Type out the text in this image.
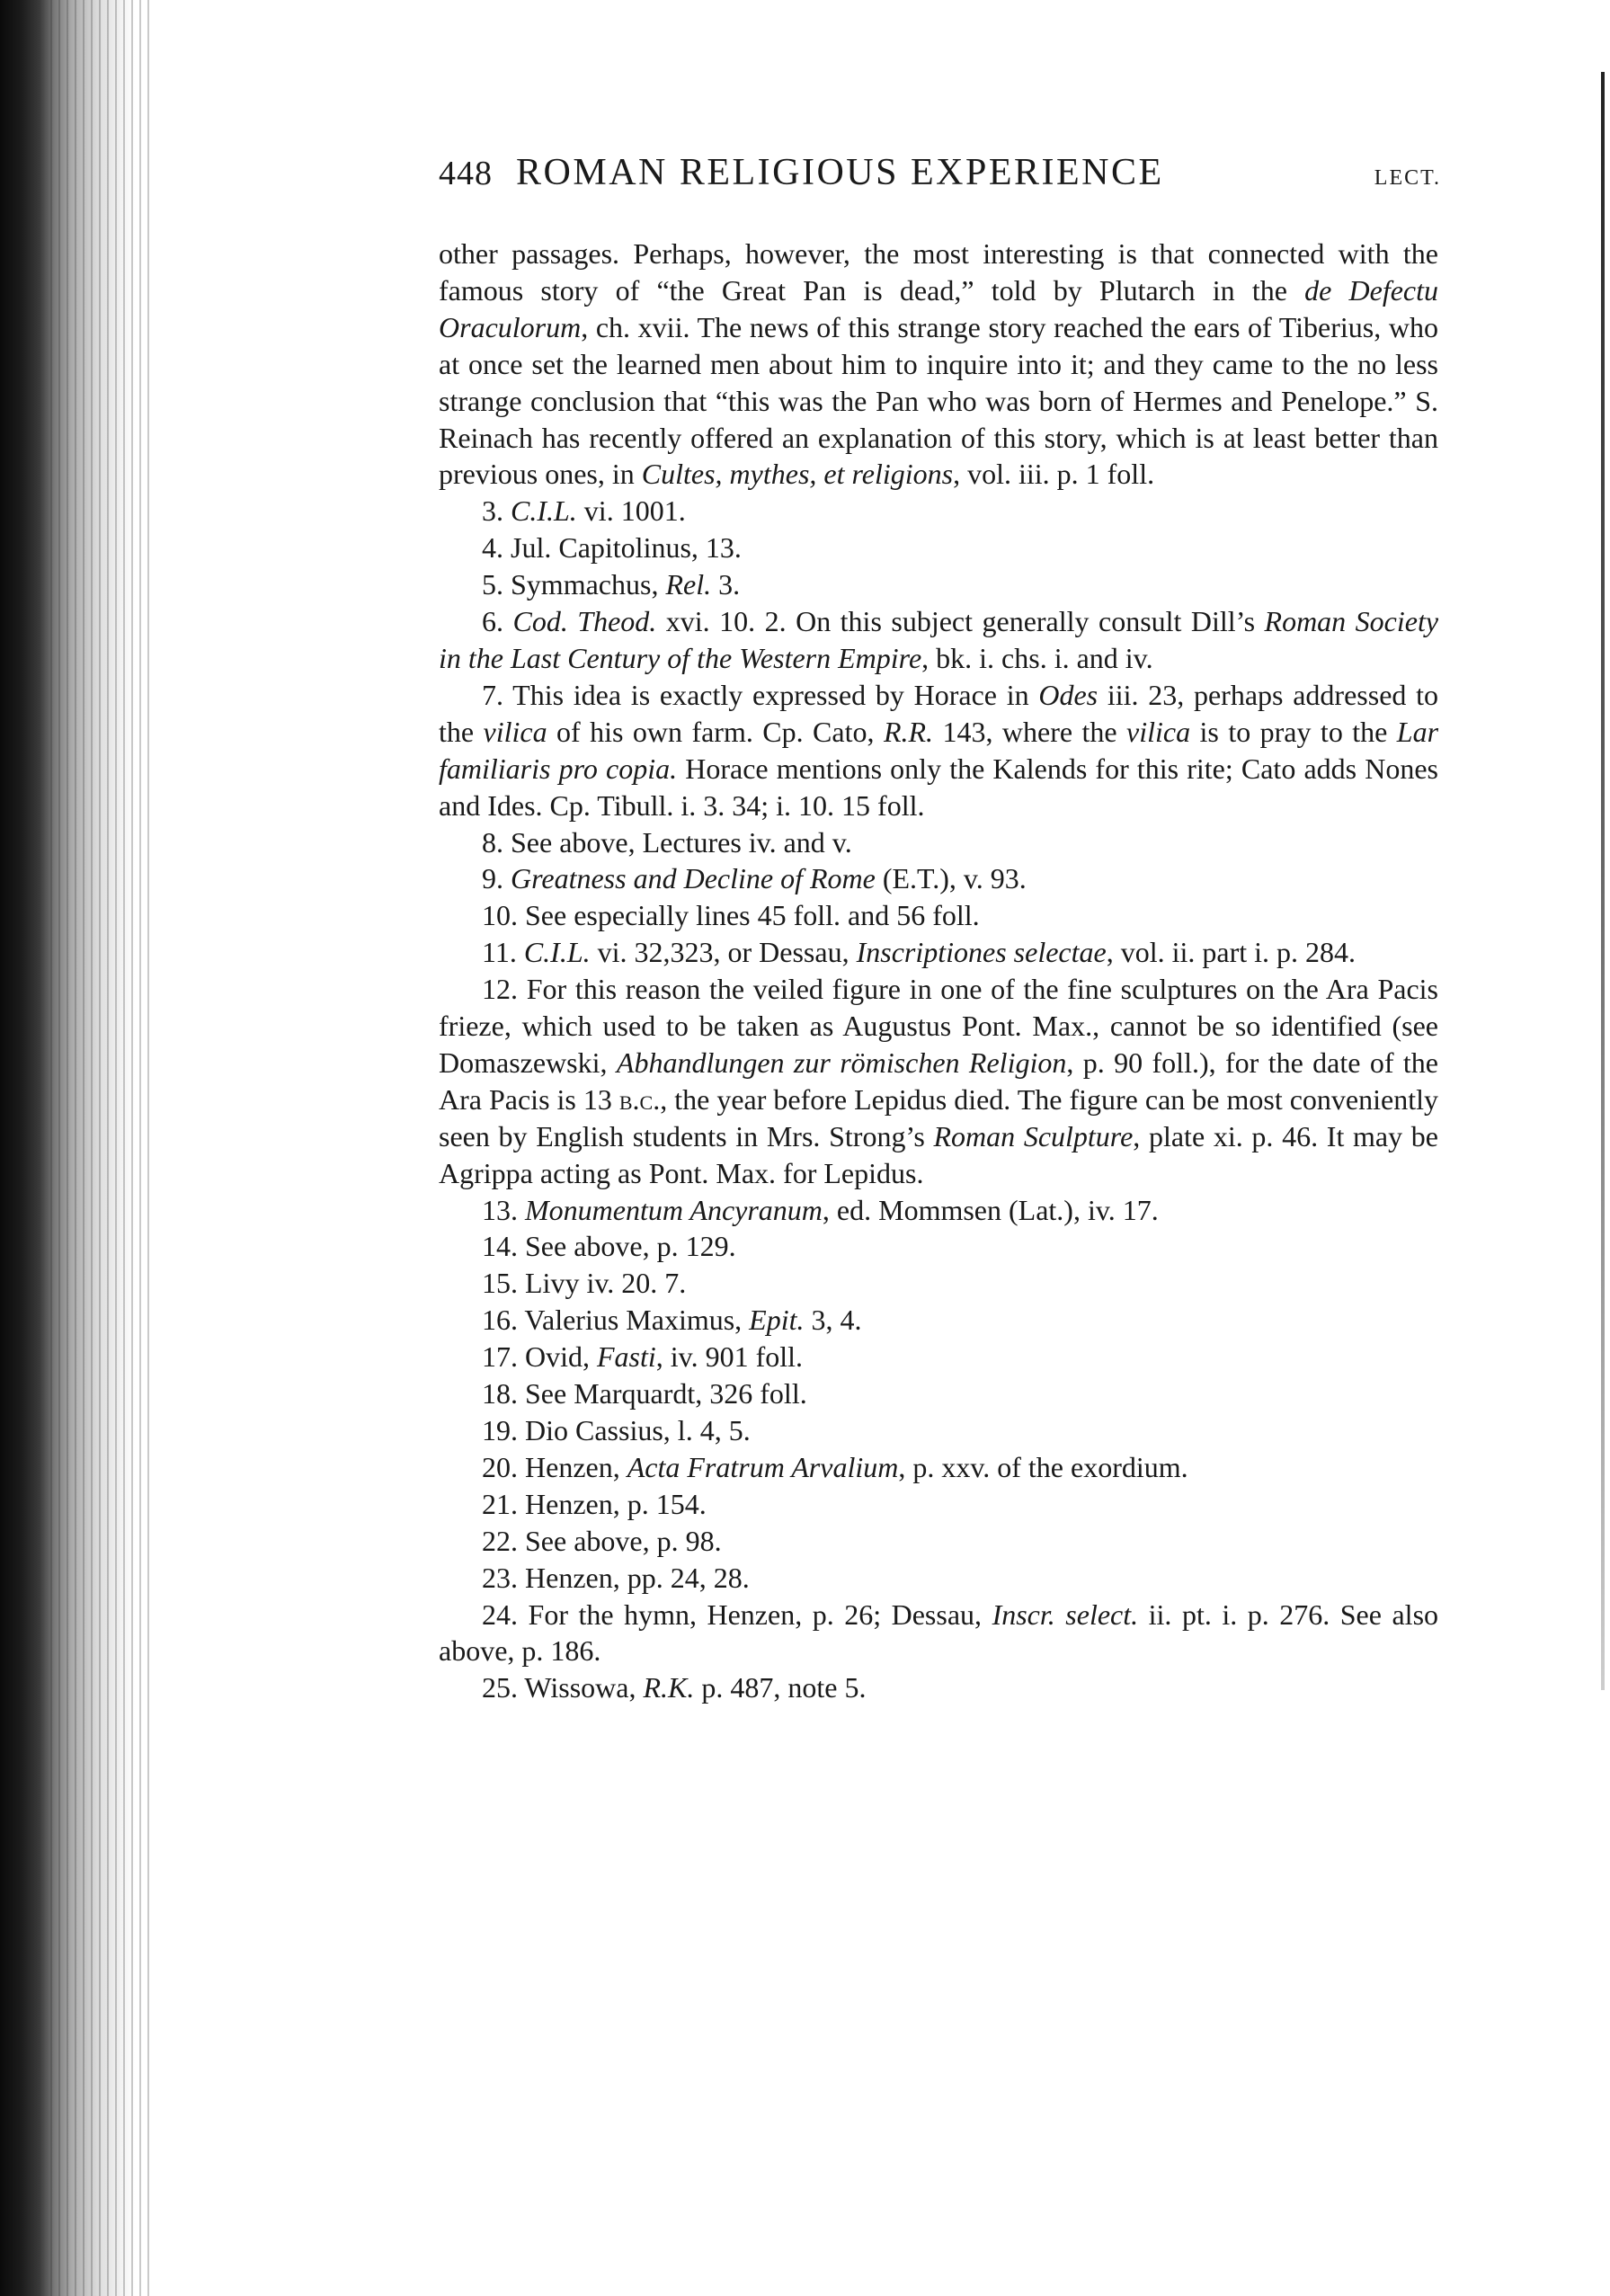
448 ROMAN RELIGIOUS EXPERIENCE	LECT.

other passages. Perhaps, however, the most interesting is that connected with the famous story of “the Great Pan is dead,” told by Plutarch in the de Defectu Oraculorum, ch. xvii. The news of this strange story reached the ears of Tiberius, who at once set the learned men about him to inquire into it; and they came to the no less strange conclusion that “this was the Pan who was born of Hermes and Penelope.” S. Reinach has recently offered an explanation of this story, which is at least better than previous ones, in Cultes, mythes, et religions, vol. iii. p. 1 foll.

3. C.I.L. vi. 1001.

4. Jul. Capitolinus, 13.

5. Symmachus, Rel. 3.

6. Cod. Theod. xvi. 10. 2. On this subject generally consult Dill’s Roman Society in the Last Century of the Western Empire, bk. i. chs. i. and iv.

7. This idea is exactly expressed by Horace in Odes iii. 23, perhaps addressed to the vilica of his own farm. Cp. Cato, R.R. 143, where the vilica is to pray to the Lar familiaris pro copia. Horace mentions only the Kalends for this rite; Cato adds Nones and Ides. Cp. Tibull. i. 3. 34; i. 10. 15 foll.

8. See above, Lectures iv. and v.

9. Greatness and Decline of Rome (E.T.), v. 93.

10. See especially lines 45 foll. and 56 foll.

11. C.I.L. vi. 32,323, or Dessau, Inscriptiones selectae, vol. ii. part i. p. 284.

12. For this reason the veiled figure in one of the fine sculptures on the Ara Pacis frieze, which used to be taken as Augustus Pont. Max., cannot be so identified (see Domaszewski, Abhandlungen zur römischen Religion, p. 90 foll.), for the date of the Ara Pacis is 13 b.c., the year before Lepidus died. The figure can be most conveniently seen by English students in Mrs. Strong’s Roman Sculpture, plate xi. p. 46. It may be Agrippa acting as Pont. Max. for Lepidus.

13. Monumentum Ancyranum, ed. Mommsen (Lat.), iv. 17.

14. See above, p. 129.

15. Livy iv. 20. 7.

16. Valerius Maximus, Epit. 3, 4.

17. Ovid, Fasti, iv. 901 foll.

18. See Marquardt, 326 foll.

19. Dio Cassius, l. 4, 5.

20. Henzen, Acta Fratrum Arvalium, p. xxv. of the exordium.

21. Henzen, p. 154.

22. See above, p. 98.

23. Henzen, pp. 24, 28.

24. For the hymn, Henzen, p. 26; Dessau, Inscr. select. ii. pt. i. p. 276. See also above, p. 186.

25. Wissowa, R.K. p. 487, note 5.
